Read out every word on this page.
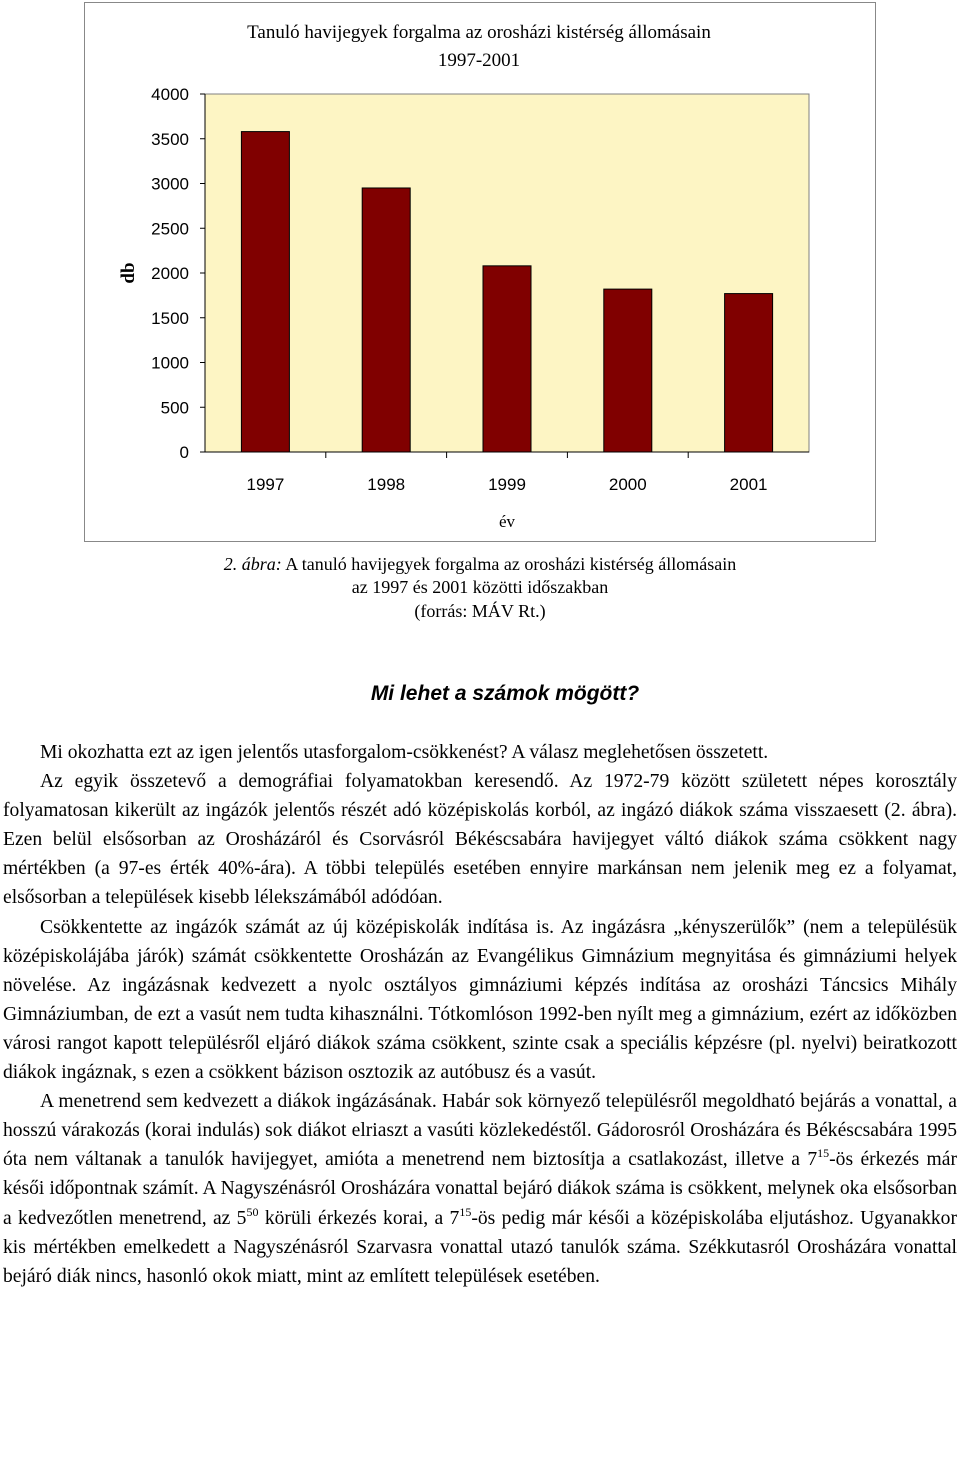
Tanuló havijegyek forgalma az orosházi kistérség állomásain
1997-2001
0
500
1000
1500
2000
2500
3000
3500
4000
1997	1998	1999	2000	2001
év
db
2. ábra: A tanuló havijegyek forgalma az orosházi kistérség állomásain
az 1997 és 2001 közötti időszakban
(forrás: MÁV Rt.)
Mi lehet a számok mögött?

Mi okozhatta ezt az igen jelentős utasforgalom-csökkenést? A válasz meglehetősen összetett.

Az egyik összetevő a demográfiai folyamatokban keresendő. Az 1972-79 között született népes korosztály folyamatosan kikerült az ingázók jelentős részét adó középiskolás korból, az ingázó diákok száma visszaesett (2. ábra). Ezen belül elsősorban az Orosházáról és Csorvásról Békéscsabára havijegyet váltó diákok száma csökkent nagy mértékben (a 97-es érték 40%-ára). A többi település esetében ennyire markánsan nem jelenik meg ez a folyamat, elsősorban a települések kisebb lélekszámából adódóan.

Csökkentette az ingázók számát az új középiskolák indítása is. Az ingázásra „kényszerülők” (nem a településük középiskolájába járók) számát csökkentette Orosházán az Evangélikus Gimnázium megnyitása és gimnáziumi helyek növelése. Az ingázásnak kedvezett a nyolc osztályos gimnáziumi képzés indítása az orosházi Táncsics Mihály Gimnáziumban, de ezt a vasút nem tudta kihasználni. Tótkomlóson 1992-ben nyílt meg a gimnázium, ezért az időközben városi rangot kapott településről eljáró diákok száma csökkent, szinte csak a speciális képzésre (pl. nyelvi) beiratkozott diákok ingáznak, s ezen a csökkent bázison osztozik az autóbusz és a vasút.

A menetrend sem kedvezett a diákok ingázásának. Habár sok környező településről megoldható bejárás a vonattal, a hosszú várakozás (korai indulás) sok diákot elriaszt a vasúti közlekedéstől. Gádorosról Orosházára és Békéscsabára 1995 óta nem váltanak a tanulók havijegyet, amióta a menetrend nem biztosítja a csatlakozást, illetve a $7^{15}-ös$ érkezés már késői időpontnak számít. A Nagyszénásról Orosházára vonattal bejáró diákok száma is csökkent, melynek oka elsősorban a kedvezőtlen menetrend, az $5^{50}$ körüli érkezés korai, a $7^{15}-ös$ pedig már késői a középiskolába eljutáshoz. Ugyanakkor kis mértékben emelkedett a Nagyszénásról Szarvasra vonattal utazó tanulók száma. Székkutasról Orosházára vonattal bejáró diák nincs, hasonló okok miatt, mint az említett települések esetében.
